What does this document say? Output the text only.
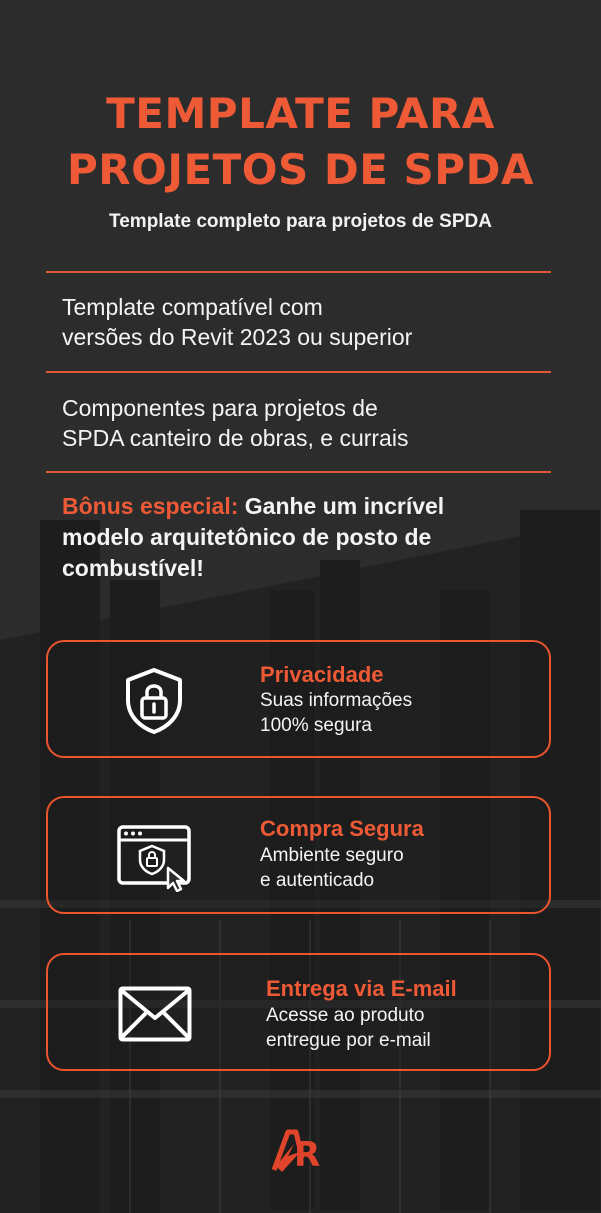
TEMPLATE PARA
PROJETOS DE SPDA
Template completo para projetos de SPDA
Template compatível com
versões do Revit 2023 ou superior
Componentes para projetos de
SPDA canteiro de obras, e currais
Bônus especial: Ganhe um incrível
modelo arquitetônico de posto de
combustível!
Privacidade
Suas informações
100% segura
Compra Segura
Ambiente seguro
e autenticado
Entrega via E-mail
Acesse ao produto
entregue por e-mail
R
